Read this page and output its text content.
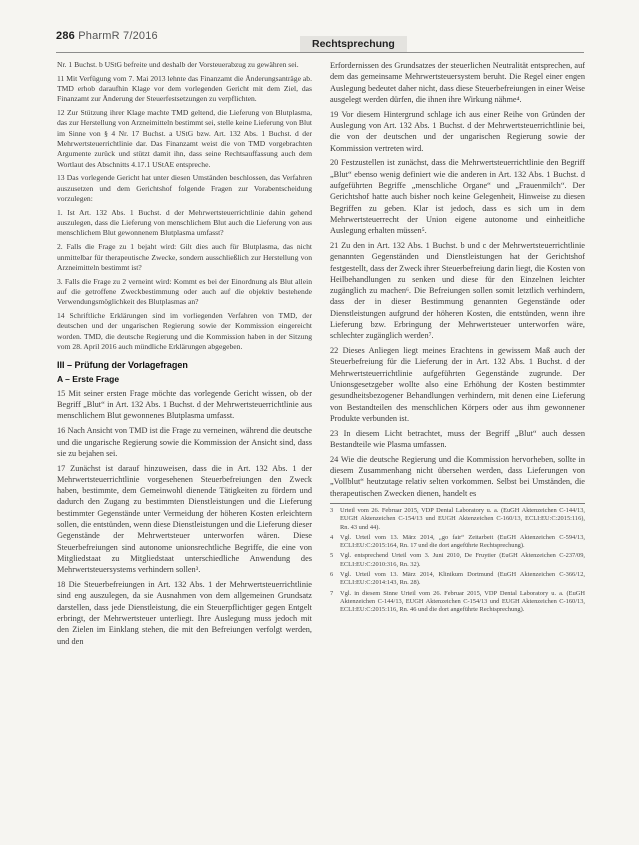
286 PharmR 7/2016
Rechtsprechung

Nr. 1 Buchst. b UStG befreite und deshalb der Vorsteuerabzug zu gewähren sei.

11 Mit Verfügung vom 7. Mai 2013 lehnte das Finanzamt die Änderungsanträge ab. TMD erhob daraufhin Klage vor dem vorlegenden Gericht mit dem Ziel, das Finanzamt zur Änderung der Steuerfestsetzungen zu verpflichten.

12 Zur Stützung ihrer Klage machte TMD geltend, die Lieferung von Blutplasma, das zur Herstellung von Arzneimitteln bestimmt sei, stelle keine Lieferung von Blut im Sinne von § 4 Nr. 17 Buchst. a UStG bzw. Art. 132 Abs. 1 Buchst. d der Mehrwertsteuerrichtlinie dar. Das Finanzamt weist die von TMD vorgebrachten Argumente zurück und stützt damit ihn, dass seine Rechtsauffassung auch dem Wortlaut des Abschnitts 4.17.1 UStAE entspreche.

13 Das vorlegende Gericht hat unter diesen Umständen beschlossen, das Verfahren auszusetzen und dem Gerichtshof folgende Fragen zur Vorabentscheidung vorzulegen:

1. Ist Art. 132 Abs. 1 Buchst. d der Mehrwertsteuerrichtlinie dahin gehend auszulegen, dass die Lieferung von menschlichem Blut auch die Lieferung von aus menschlichem Blut gewonnenem Blutplasma umfasst?

2. Falls die Frage zu 1 bejaht wird: Gilt dies auch für Blutplasma, das nicht unmittelbar für therapeutische Zwecke, sondern ausschließlich zur Herstellung von Arzneimitteln bestimmt ist?

3. Falls die Frage zu 2 verneint wird: Kommt es bei der Einordnung als Blut allein auf die getroffene Zweckbestimmung oder auch auf die objektiv bestehende Verwendungsmöglichkeit des Blutplasmas an?

14 Schriftliche Erklärungen sind im vorliegenden Verfahren von TMD, der deutschen und der ungarischen Regierung sowie der Kommission eingereicht worden. TMD, die deutsche Regierung und die Kommission haben in der Sitzung vom 28. April 2016 auch mündliche Erklärungen abgegeben.

III – Prüfung der Vorlagefragen
A – Erste Frage

15 Mit seiner ersten Frage möchte das vorlegende Gericht wissen, ob der Begriff „Blut“ in Art. 132 Abs. 1 Buchst. d der Mehrwertsteuerrichtlinie aus menschlichem Blut gewonnenes Blutplasma umfasst.

16 Nach Ansicht von TMD ist die Frage zu verneinen, während die deutsche und die ungarische Regierung sowie die Kommission der Ansicht sind, dass sie zu bejahen sei.

17 Zunächst ist darauf hinzuweisen, dass die in Art. 132 Abs. 1 der Mehrwertsteuerrichtlinie vorgesehenen Steuerbefreiungen den Zweck haben, bestimmte, dem Gemeinwohl dienende Tätigkeiten zu fördern und dadurch den Zugang zu bestimmten Dienstleistungen und die Lieferung bestimmter Gegenstände unter Vermeidung der höheren Kosten erleichtern sollen, die entstünden, wenn diese Dienstleistungen und die Lieferung dieser Gegenstände der Mehrwertsteuer unterworfen wären. Diese Steuerbefreiungen sind autonome unionsrechtliche Begriffe, die eine von Mitgliedstaat zu Mitgliedstaat unterschiedliche Anwendung des Mehrwertsteuersystems verhindern sollen³.

18 Die Steuerbefreiungen in Art. 132 Abs. 1 der Mehrwertsteuerrichtlinie sind eng auszulegen, da sie Ausnahmen von dem allgemeinen Grundsatz darstellen, dass jede Dienstleistung, die ein Steuerpflichtiger gegen Entgelt erbringt, der Mehrwertsteuer unterliegt. Ihre Auslegung muss jedoch mit den Zielen im Einklang stehen, die mit den Befreiungen verfolgt werden, und den

Erfordernissen des Grundsatzes der steuerlichen Neutralität entsprechen, auf dem das gemeinsame Mehrwertsteuersystem beruht. Die Regel einer engen Auslegung bedeutet daher nicht, dass diese Steuerbefreiungen in einer Weise ausgelegt werden dürfen, die ihnen ihre Wirkung nähme⁴.

19 Vor diesem Hintergrund schlage ich aus einer Reihe von Gründen der Auslegung von Art. 132 Abs. 1 Buchst. d der Mehrwertsteuerrichtlinie bei, die von der deutschen und der ungarischen Regierung sowie der Kommission vertreten wird.

20 Festzustellen ist zunächst, dass die Mehrwertsteuerrichtlinie den Begriff „Blut“ ebenso wenig definiert wie die anderen in Art. 132 Abs. 1 Buchst. d aufgeführten Begriffe „menschliche Organe“ und „Frauenmilch“. Der Gerichtshof hatte auch bisher noch keine Gelegenheit, Hinweise zu diesen Begriffen zu geben. Klar ist jedoch, dass es sich um in dem Mehrwertsteuerrecht der Union eigene autonome und einheitliche Auslegung erhalten müssen⁵.

21 Zu den in Art. 132 Abs. 1 Buchst. b und c der Mehrwertsteuerrichtlinie genannten Gegenständen und Dienstleistungen hat der Gerichtshof festgestellt, dass der Zweck ihrer Steuerbefreiung darin liegt, die Kosten von Heilbehandlungen zu senken und diese für den Einzelnen leichter zugänglich zu machen⁶. Die Befreiungen sollen somit letztlich verhindern, dass der in dieser Bestimmung genannten Gegenstände oder Dienstleistungen aufgrund der höheren Kosten, die entstünden, wenn ihre Lieferung bzw. Erbringung der Mehrwertsteuer unterworfen wäre, schlechter zugänglich werden⁷.

22 Dieses Anliegen liegt meines Erachtens in gewissem Maß auch der Steuerbefreiung für die Lieferung der in Art. 132 Abs. 1 Buchst. d der Mehrwertsteuerrichtlinie aufgeführten Gegenstände zugrunde. Der Unionsgesetzgeber wollte also eine Erhöhung der Kosten bestimmter gesundheitsbezogener Behandlungen verhindern, mit denen eine Lieferung von Bestandteilen des menschlichen Körpers oder aus ihm gewonnener Produkte verbunden ist.

23 In diesem Licht betrachtet, muss der Begriff „Blut“ auch dessen Bestandteile wie Plasma umfassen.

24 Wie die deutsche Regierung und die Kommission hervorheben, sollte in diesem Zusammenhang nicht übersehen werden, dass Lieferungen von „Vollblut“ heutzutage relativ selten vorkommen. Selbst bei Umständen, die therapeutischen Zwecken dienen, handelt es

3	Urteil vom 26. Februar 2015, VDP Dental Laboratory u. a. (EuGH Aktenzeichen C-144/13, EUGH Aktenzeichen C-154/13 und EUGH Aktenzeichen C-160/13, ECLI:EU:C:2015:116), Rn. 43 und 44).
4	Vgl. Urteil vom 13. März 2014, „go fair“ Zeitarbeit (EuGH Aktenzeichen C-594/13, ECLI:EU:C:2015:164, Rn. 17 und die dort angeführte Rechtsprechung).
5	Vgl. entsprechend Urteil vom 3. Juni 2010, De Fruytier (EuGH Aktenzeichen C-237/09, ECLI:EU:C:2010:316, Rn. 32).
6	Vgl. Urteil vom 13. März 2014, Klinikum Dortmund (EuGH Aktenzeichen C-366/12, ECLI:EU:C:2014:143, Rn. 28).
7	Vgl. in diesem Sinne Urteil vom 26. Februar 2015, VDP Dental Laboratory u. a. (EuGH Aktenzeichen C-144/13, EUGH Aktenzeichen C-154/13 und EUGH Aktenzeichen C-160/13, ECLI:EU:C:2015:116, Rn. 46 und die dort angeführte Rechtsprechung).
